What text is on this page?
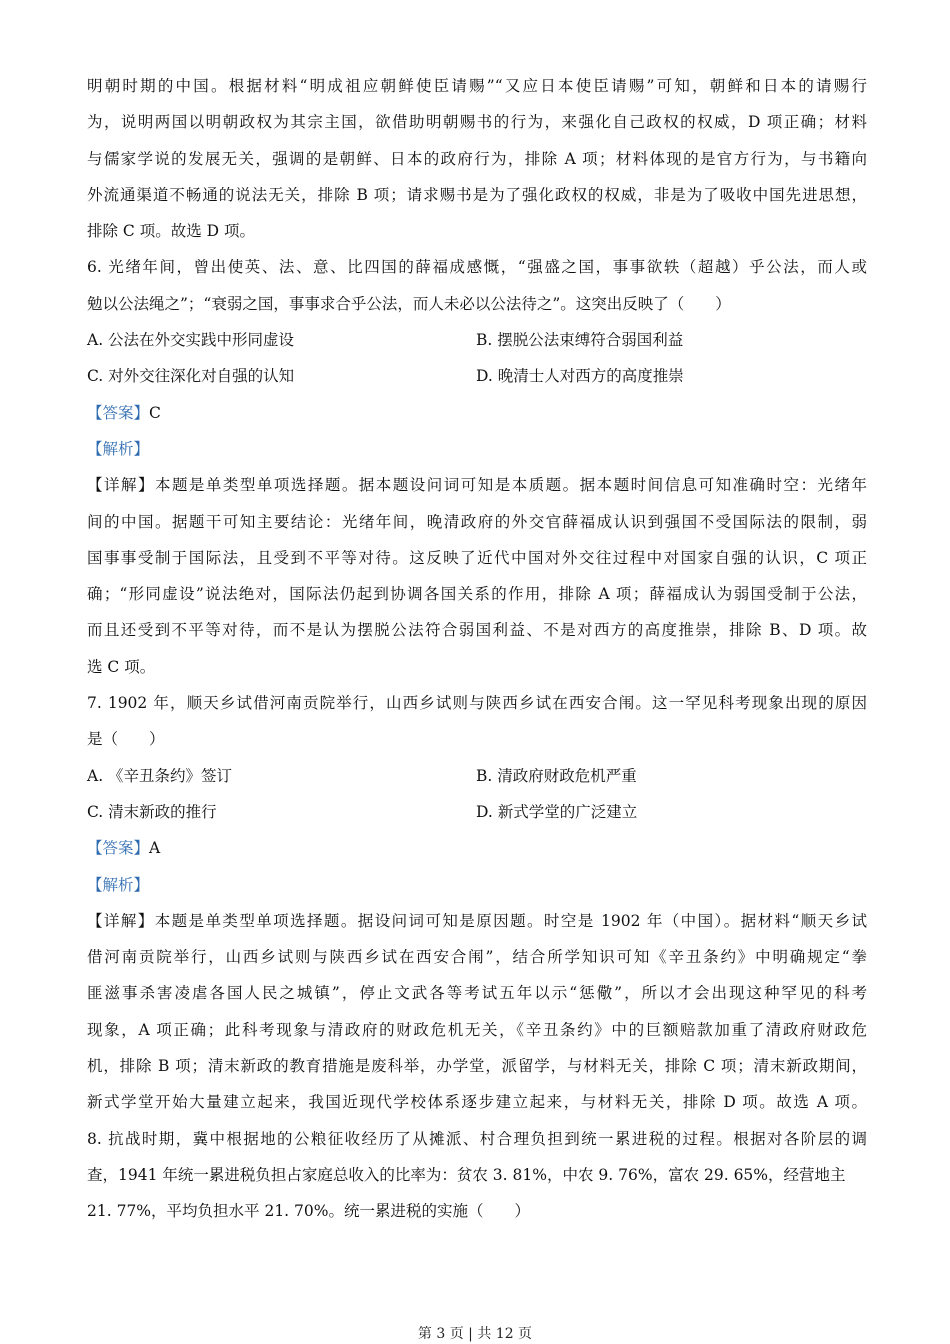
明朝时期的中国。根据材料“明成祖应朝鲜使臣请赐”“又应日本使臣请赐”可知，朝鲜和日本的请赐行
为，说明两国以明朝政权为其宗主国，欲借助明朝赐书的行为，来强化自己政权的权威，D 项正确；材料
与儒家学说的发展无关，强调的是朝鲜、日本的政府行为，排除 A 项；材料体现的是官方行为，与书籍向
外流通渠道不畅通的说法无关，排除 B 项；请求赐书是为了强化政权的权威，非是为了吸收中国先进思想，
排除 C 项。故选 D 项。
6. 光绪年间，曾出使英、法、意、比四国的薛福成感慨，“强盛之国，事事欲轶（超越）乎公法，而人或
勉以公法绳之”；“衰弱之国，事事求合乎公法，而人未必以公法待之”。这突出反映了（　　）
A. 公法在外交实践中形同虚设	B. 摆脱公法束缚符合弱国利益
C. 对外交往深化对自强的认知	D. 晚清士人对西方的高度推崇
【答案】C
【解析】
【详解】本题是单类型单项选择题。据本题设问词可知是本质题。据本题时间信息可知准确时空：光绪年
间的中国。据题干可知主要结论：光绪年间，晚清政府的外交官薛福成认识到强国不受国际法的限制，弱
国事事受制于国际法，且受到不平等对待。这反映了近代中国对外交往过程中对国家自强的认识，C 项正
确；“形同虚设”说法绝对，国际法仍起到协调各国关系的作用，排除 A 项；薛福成认为弱国受制于公法，
而且还受到不平等对待，而不是认为摆脱公法符合弱国利益、不是对西方的高度推崇，排除 B、D 项。故
选 C 项。
7. 1902 年，顺天乡试借河南贡院举行，山西乡试则与陕西乡试在西安合闱。这一罕见科考现象出现的原因
是（　　）
A. 《辛丑条约》签订	B. 清政府财政危机严重
C. 清末新政的推行	D. 新式学堂的广泛建立
【答案】A
【解析】
【详解】本题是单类型单项选择题。据设问词可知是原因题。时空是 1902 年（中国）。据材料“顺天乡试
借河南贡院举行，山西乡试则与陕西乡试在西安合闱”，结合所学知识可知《辛丑条约》中明确规定“拳
匪滋事杀害凌虐各国人民之城镇”，停止文武各等考试五年以示“惩儆”，所以才会出现这种罕见的科考
现象，A 项正确；此科考现象与清政府的财政危机无关，《辛丑条约》中的巨额赔款加重了清政府财政危
机，排除 B 项；清末新政的教育措施是废科举，办学堂，派留学，与材料无关，排除 C 项；清末新政期间，
新式学堂开始大量建立起来，我国近现代学校体系逐步建立起来，与材料无关，排除 D 项。故选 A 项。
8. 抗战时期，冀中根据地的公粮征收经历了从摊派、村合理负担到统一累进税的过程。根据对各阶层的调
查，1941 年统一累进税负担占家庭总收入的比率为：贫农 3. 81%，中农 9. 76%，富农 29. 65%，经营地主
21. 77%，平均负担水平 21. 70%。统一累进税的实施（　　）
第 3 页 | 共 12 页
